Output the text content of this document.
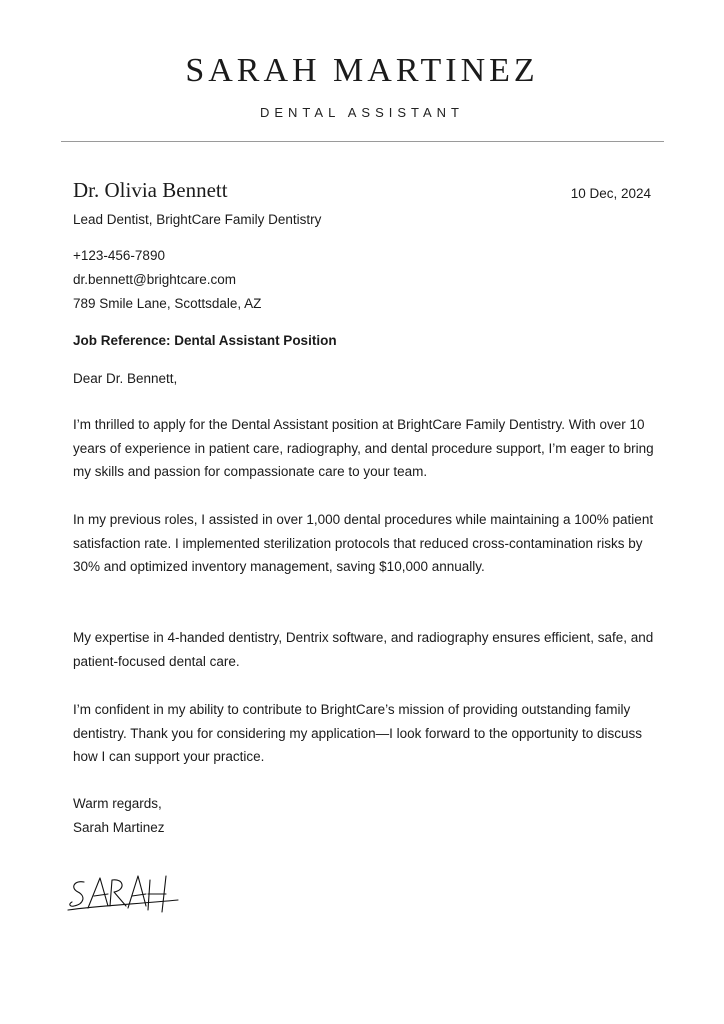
SARAH MARTINEZ
DENTAL ASSISTANT
Dr. Olivia Bennett	10 Dec, 2024
Lead Dentist, BrightCare Family Dentistry
+123-456-7890
dr.bennett@brightcare.com
789 Smile Lane, Scottsdale, AZ
Job Reference: Dental Assistant Position
Dear Dr. Bennett,

I’m thrilled to apply for the Dental Assistant position at BrightCare Family Dentistry. With over 10 years of experience in patient care, radiography, and dental procedure support, I’m eager to bring my skills and passion for compassionate care to your team.

In my previous roles, I assisted in over 1,000 dental procedures while maintaining a 100% patient satisfaction rate. I implemented sterilization protocols that reduced cross-contamination risks by 30% and optimized inventory management, saving $10,000 annually.

My expertise in 4-handed dentistry, Dentrix software, and radiography ensures efficient, safe, and patient-focused dental care.

I’m confident in my ability to contribute to BrightCare’s mission of providing outstanding family dentistry. Thank you for considering my application—I look forward to the opportunity to discuss how I can support your practice.

Warm regards,
Sarah Martinez
